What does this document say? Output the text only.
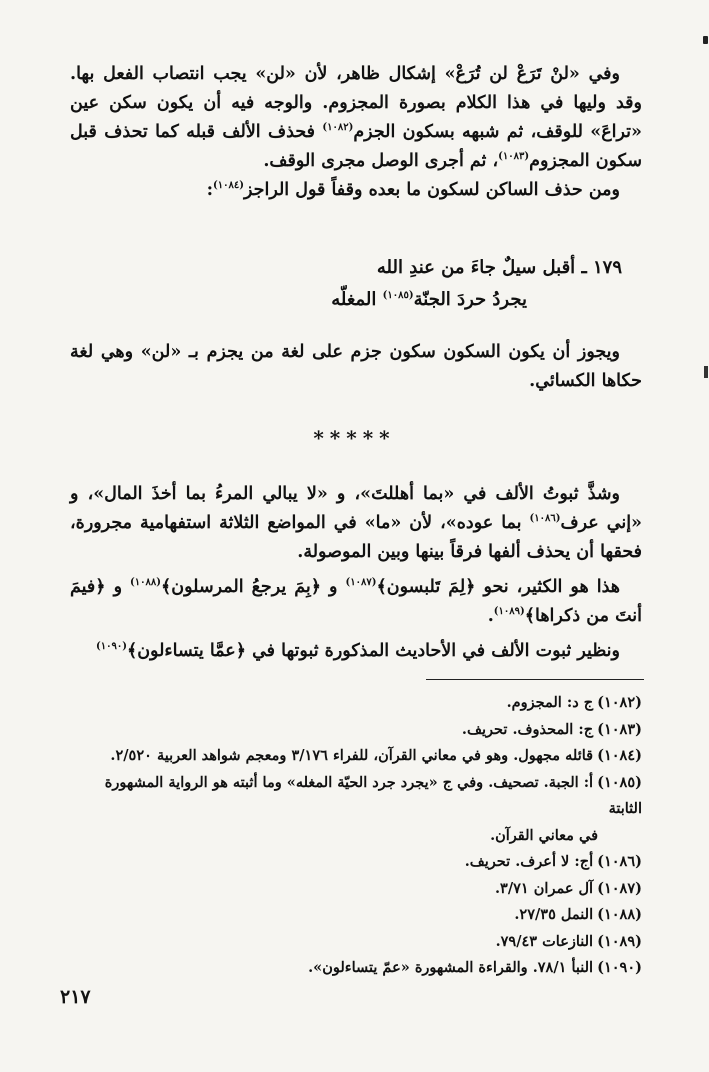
وفي «لنْ تَرَعْ لن تُرَعْ» إشكال ظاهر، لأن «لن» يجب انتصاب الفعل بها. وقد وليها في هذا الكلام بصورة المجزوم. والوجه فيه أن يكون سكن عين «تراعَ» للوقف، ثم شبهه بسكون الجزم$^{(١٠٨٢)}$ فحذف الألف قبله كما تحذف قبل سكون المجزوم$^{(١٠٨٣)}$، ثم أجرى الوصل مجرى الوقف.

ومن حذف الساكن لسكون ما بعده وقفاً قول الراجز$^{(١٠٨٤)}$:

١٧٩ ـ أقبل سيلٌ جاءَ من عندِ الله
يجردُ حردَ الجنّة$^{(١٠٨٥)}$ المغلّه

ويجوز أن يكون السكون سكون جزم على لغة من يجزم بـ «لن» وهي لغة حكاها الكسائي.

*****

وشذَّ ثبوتُ الألف في «بما أهللتَ»، و «لا يبالي المرءُ بما أخذَ المال»، و «إني عرف$^{(١٠٨٦)}$ بما عوده»، لأن «ما» في المواضع الثلاثة استفهامية مجرورة، فحقها أن يحذف ألفها فرقاً بينها وبين الموصولة.

هذا هو الكثير، نحو ﴿لِمَ تَلبسون﴾$^{(١٠٨٧)}$ و ﴿بِمَ يرجعُ المرسلون﴾$^{(١٠٨٨)}$ و ﴿فيمَ أنتَ من ذكراها﴾$^{(١٠٨٩)}$.

ونظير ثبوت الألف في الأحاديث المذكورة ثبوتها في ﴿عمَّا يتساءلون﴾$^{(١٠٩٠)}$

(١٠٨٢)ج د: المجزوم.
(١٠٨٣)ج: المحذوف. تحريف.
(١٠٨٤)قائله مجهول. وهو في معاني القرآن، للفراء ٣/١٧٦ ومعجم شواهد العربية ٢/٥٢٠.
(١٠٨٥)أ: الجبة. تصحيف. وفي ج «يجرد جرد الحيّة المغله» وما أثبته هو الرواية المشهورة الثابتة
في معاني القرآن.
(١٠٨٦)أج: لا أعرف. تحريف.
(١٠٨٧)آل عمران ٣/٧١.
(١٠٨٨)النمل ٢٧/٣٥.
(١٠٨٩)النازعات ٧٩/٤٣.
(١٠٩٠)النبأ ٧٨/١. والقراءة المشهورة «عمّ يتساءلون».
٢١٧
